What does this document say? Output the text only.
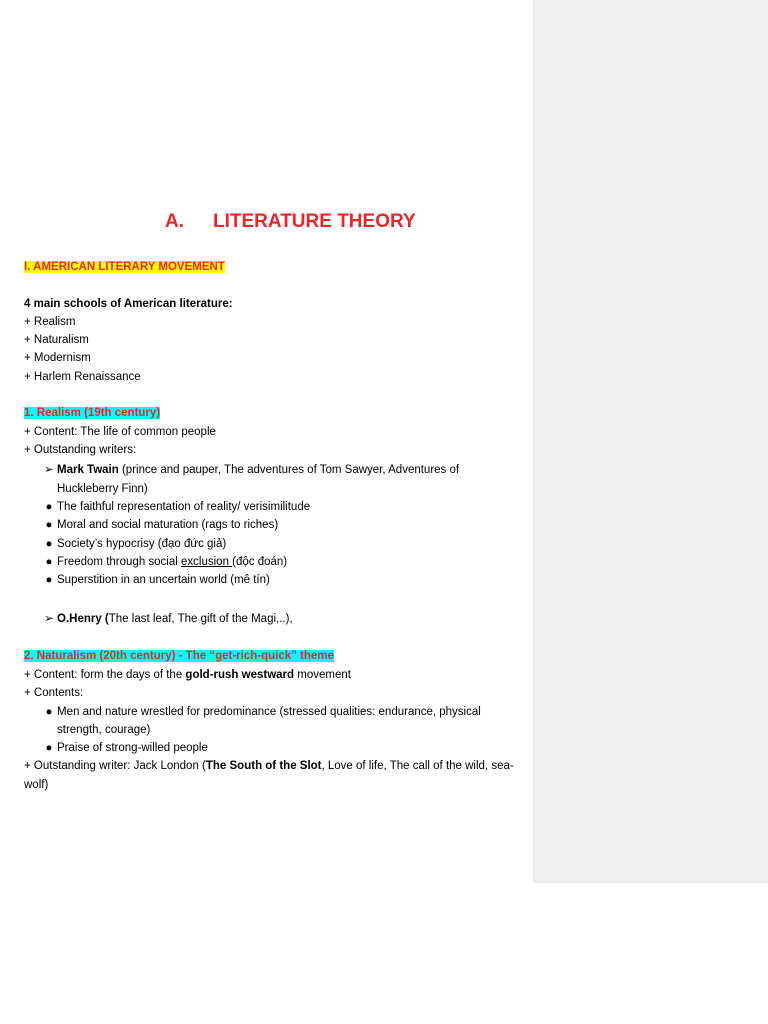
A. LITERATURE THEORY
I. AMERICAN LITERARY MOVEMENT
4 main schools of American literature:
+ Realism
+ Naturalism
+ Modernism
+ Harlem Renaissance
1. Realism (19th century)
+ Content: The life of common people
+ Outstanding writers:
➢ Mark Twain (prince and pauper, The adventures of Tom Sawyer, Adventures of
Huckleberry Finn)
● The faithful representation of reality/ verisimilitude
● Moral and social maturation (rags to riches)
● Society’s hypocrisy (đạo đức giả)
● Freedom through social exclusion (độc đoán)
● Superstition in an uncertain world (mê tín)
➢ O.Henry (The last leaf, The gift of the Magi,..),
2. Naturalism (20th century) - The “get-rich-quick” theme
+ Content: form the days of the gold-rush westward movement
+ Contents:
● Men and nature wrestled for predominance (stressed qualities: endurance, physical
strength, courage)
● Praise of strong-willed people
+ Outstanding writer: Jack London (The South of the Slot, Love of life, The call of the wild, sea-
wolf)
